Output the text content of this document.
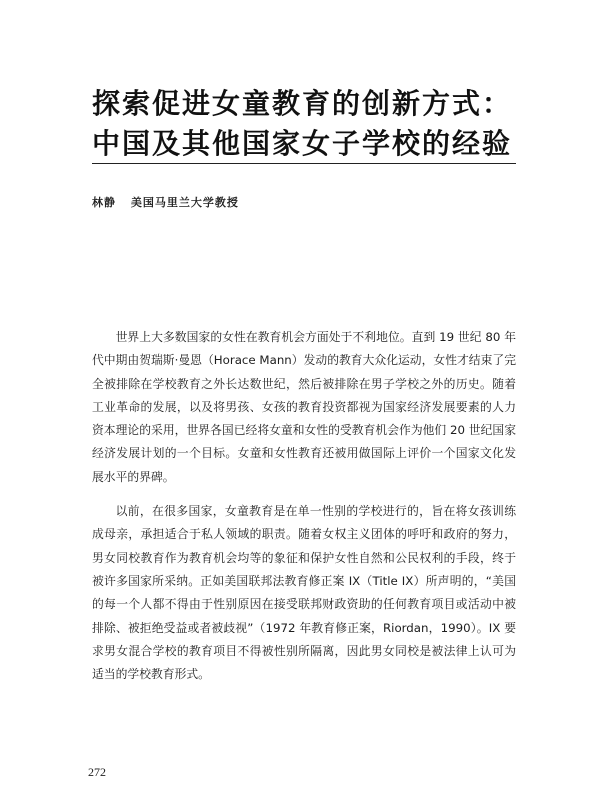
探索促进女童教育的创新方式：
中国及其他国家女子学校的经验
林静 美国马里兰大学教授

世界上大多数国家的女性在教育机会方面处于不利地位。直到 19 世纪 80 年代中期由贺瑞斯·曼恩（Horace Mann）发动的教育大众化运动，女性才结束了完全被排除在学校教育之外长达数世纪，然后被排除在男子学校之外的历史。随着工业革命的发展，以及将男孩、女孩的教育投资都视为国家经济发展要素的人力资本理论的采用，世界各国已经将女童和女性的受教育机会作为他们 20 世纪国家经济发展计划的一个目标。女童和女性教育还被用做国际上评价一个国家文化发展水平的界碑。

以前，在很多国家，女童教育是在单一性别的学校进行的，旨在将女孩训练成母亲，承担适合于私人领域的职责。随着女权主义团体的呼吁和政府的努力，男女同校教育作为教育机会均等的象征和保护女性自然和公民权利的手段，终于被许多国家所采纳。正如美国联邦法教育修正案 IX（Title IX）所声明的，“美国的每一个人都不得由于性别原因在接受联邦财政资助的任何教育项目或活动中被排除、被拒绝受益或者被歧视”（1972 年教育修正案，Riordan，1990）。IX 要求男女混合学校的教育项目不得被性别所隔离，因此男女同校是被法律上认可为适当的学校教育形式。

272
